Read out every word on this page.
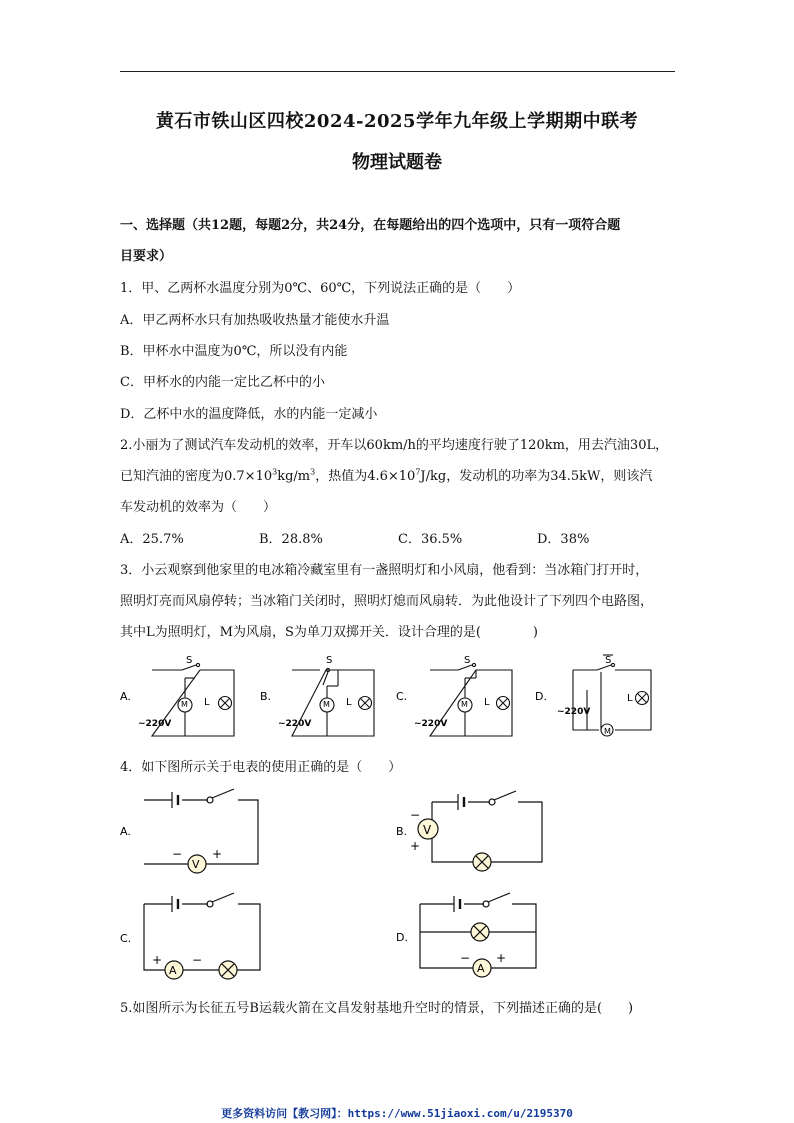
黄石市铁山区四校2024-2025学年九年级上学期期中联考
物理试题卷
一、选择题（共12题，每题2分，共24分，在每题给出的四个选项中，只有一项符合题
目要求）
1．甲、乙两杯水温度分别为0℃、60℃，下列说法正确的是（　　）
A．甲乙两杯水只有加热吸收热量才能使水升温
B．甲杯水中温度为0℃，所以没有内能
C．甲杯水的内能一定比乙杯中的小
D．乙杯中水的温度降低，水的内能一定减小
2.小丽为了测试汽车发动机的效率，开车以60km/h的平均速度行驶了120km，用去汽油30L，
已知汽油的密度为$0.7\times 10^3kg/m^3$，热值为$4.6\times 10^7J/kg$，发动机的功率为34.5kW，则该汽
车发动机的效率为（　　）
A．25.7%	B．28.8%	C．36.5%	D．38%
3．小云观察到他家里的电冰箱冷藏室里有一盏照明灯和小风扇，他看到：当冰箱门打开时，
照明灯亮而风扇停转；当冰箱门关闭时，照明灯熄而风扇转．为此他设计了下列四个电路图，
其中L为照明灯，M为风扇，S为单刀双掷开关．设计合理的是(　　　　)
A.
S
~220V
L
M
B.
S
~220V
L
M
C.
S
~220V
L
M
D.
S
~220V
L
M
4．如下图所示关于电表的使用正确的是（　　）
A.
V
− +
B. V
−
+
C.
A
+ −
D.
A
− +
5.如图所示为长征五号B运载火箭在文昌发射基地升空时的情景，下列描述正确的是(　　)
更多资料访问【教习网】：https://www.51jiaoxi.com/u/2195370
